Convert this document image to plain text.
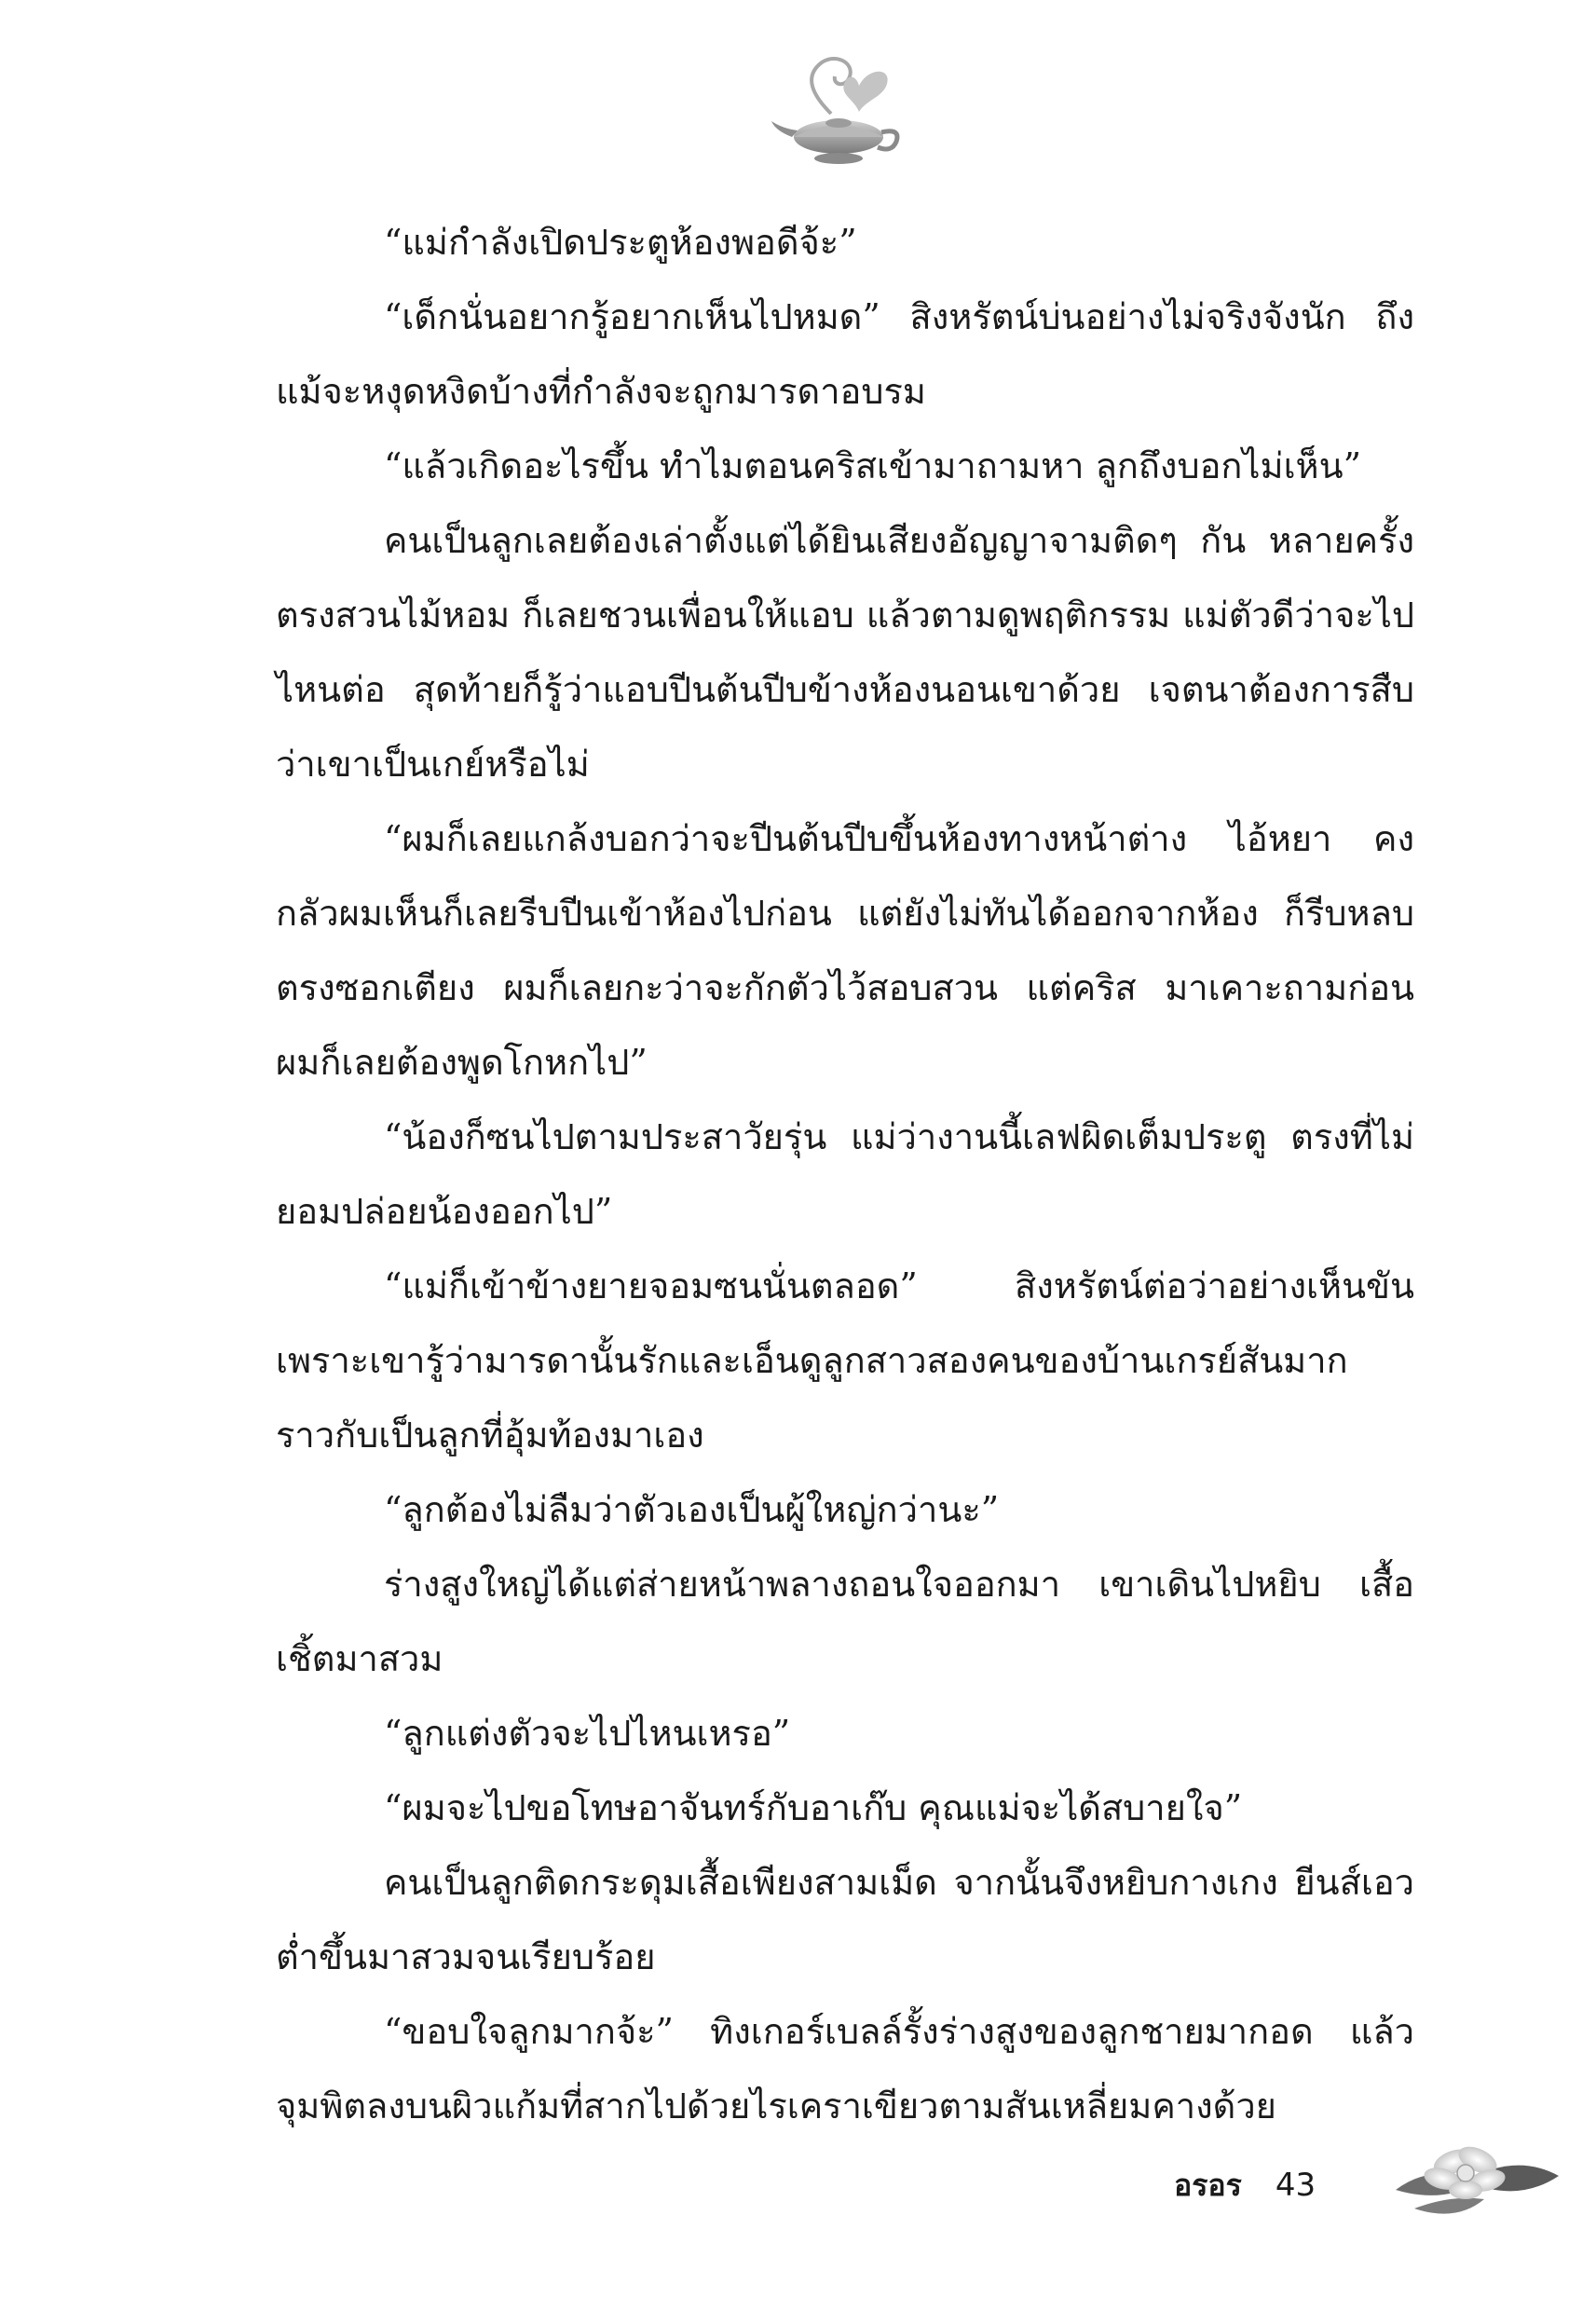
“แม่กำลังเปิดประตูห้องพอดีจ้ะ”

“เด็กนั่นอยากรู้อยากเห็นไปหมด” สิงหรัตน์บ่นอย่างไม่จริงจังนัก ถึงแม้จะหงุดหงิดบ้างที่กำลังจะถูกมารดาอบรม

“แล้วเกิดอะไรขึ้น ทำไมตอนคริสเข้ามาถามหา ลูกถึงบอกไม่เห็น”

คนเป็นลูกเลยต้องเล่าตั้งแต่ได้ยินเสียงอัญญาจามติดๆ กัน หลายครั้งตรงสวนไม้หอม ก็เลยชวนเพื่อนให้แอบ แล้วตามดูพฤติกรรม แม่ตัวดีว่าจะไปไหนต่อ สุดท้ายก็รู้ว่าแอบปีนต้นปีบข้างห้องนอนเขาด้วย เจตนาต้องการสืบว่าเขาเป็นเกย์หรือไม่

“ผมก็เลยแกล้งบอกว่าจะปีนต้นปีบขึ้นห้องทางหน้าต่าง ไอ้หยา คงกลัวผมเห็นก็เลยรีบปีนเข้าห้องไปก่อน แต่ยังไม่ทันได้ออกจากห้อง ก็รีบหลบตรงซอกเตียง ผมก็เลยกะว่าจะกักตัวไว้สอบสวน แต่คริส มาเคาะถามก่อน ผมก็เลยต้องพูดโกหกไป”

“น้องก็ซนไปตามประสาวัยรุ่น แม่ว่างานนี้เลฟผิดเต็มประตู ตรงที่ไม่ยอมปล่อยน้องออกไป”

“แม่ก็เข้าข้างยายจอมซนนั่นตลอด” สิงหรัตน์ต่อว่าอย่างเห็นขัน เพราะเขารู้ว่ามารดานั้นรักและเอ็นดูลูกสาวสองคนของบ้านเกรย์สันมาก ราวกับเป็นลูกที่อุ้มท้องมาเอง

“ลูกต้องไม่ลืมว่าตัวเองเป็นผู้ใหญ่กว่านะ”

ร่างสูงใหญ่ได้แต่ส่ายหน้าพลางถอนใจออกมา เขาเดินไปหยิบ เสื้อเชิ้ตมาสวม

“ลูกแต่งตัวจะไปไหนเหรอ”

“ผมจะไปขอโทษอาจันทร์กับอาเก๊บ คุณแม่จะได้สบายใจ”

คนเป็นลูกติดกระดุมเสื้อเพียงสามเม็ด จากนั้นจึงหยิบกางเกง ยีนส์เอวต่ำขึ้นมาสวมจนเรียบร้อย

“ขอบใจลูกมากจ้ะ” ทิงเกอร์เบลล์รั้งร่างสูงของลูกชายมากอด แล้ว จุมพิตลงบนผิวแก้มที่สากไปด้วยไรเคราเขียวตามสันเหลี่ยมคางด้วย

อรอร 43
